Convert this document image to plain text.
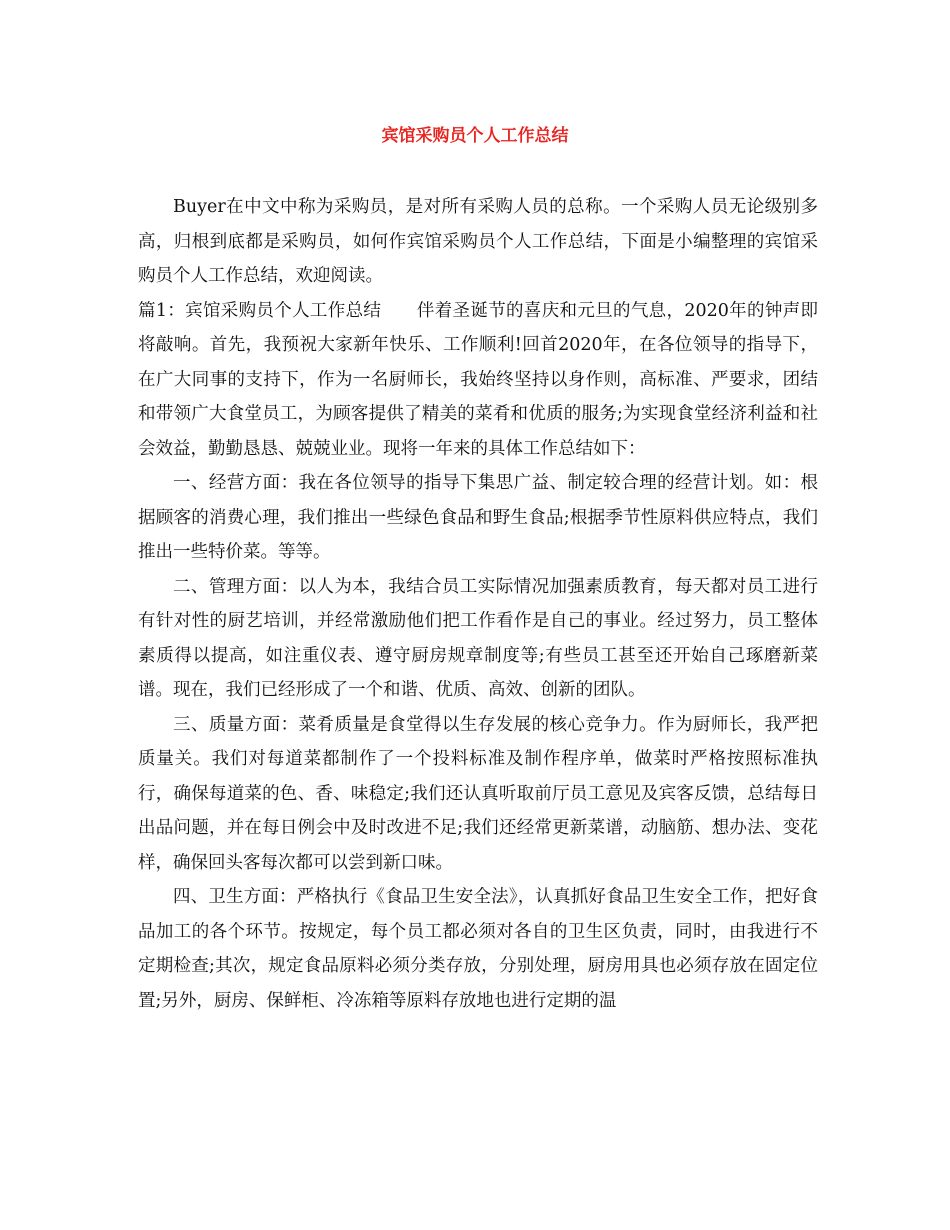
宾馆采购员个人工作总结

Buyer在中文中称为采购员，是对所有采购人员的总称。一个采购人员无论级别多高，归根到底都是采购员，如何作宾馆采购员个人工作总结，下面是小编整理的宾馆采购员个人工作总结，欢迎阅读。

篇1：宾馆采购员个人工作总结　　伴着圣诞节的喜庆和元旦的气息，2020年的钟声即将敲响。首先，我预祝大家新年快乐、工作顺利!回首2020年，在各位领导的指导下，在广大同事的支持下，作为一名厨师长，我始终坚持以身作则，高标准、严要求，团结和带领广大食堂员工，为顾客提供了精美的菜肴和优质的服务;为实现食堂经济利益和社会效益，勤勤恳恳、兢兢业业。现将一年来的具体工作总结如下：

一、经营方面：我在各位领导的指导下集思广益、制定较合理的经营计划。如：根据顾客的消费心理，我们推出一些绿色食品和野生食品;根据季节性原料供应特点，我们推出一些特价菜。等等。

二、管理方面：以人为本，我结合员工实际情况加强素质教育，每天都对员工进行有针对性的厨艺培训，并经常激励他们把工作看作是自己的事业。经过努力，员工整体素质得以提高，如注重仪表、遵守厨房规章制度等;有些员工甚至还开始自己琢磨新菜谱。现在，我们已经形成了一个和谐、优质、高效、创新的团队。

三、质量方面：菜肴质量是食堂得以生存发展的核心竞争力。作为厨师长，我严把质量关。我们对每道菜都制作了一个投料标准及制作程序单，做菜时严格按照标准执行，确保每道菜的色、香、味稳定;我们还认真听取前厅员工意见及宾客反馈，总结每日出品问题，并在每日例会中及时改进不足;我们还经常更新菜谱，动脑筋、想办法、变花样，确保回头客每次都可以尝到新口味。

四、卫生方面：严格执行《食品卫生安全法》，认真抓好食品卫生安全工作，把好食品加工的各个环节。按规定，每个员工都必须对各自的卫生区负责，同时，由我进行不定期检查;其次，规定食品原料必须分类存放，分别处理，厨房用具也必须存放在固定位置;另外，厨房、保鲜柜、冷冻箱等原料存放地也进行定期的温
